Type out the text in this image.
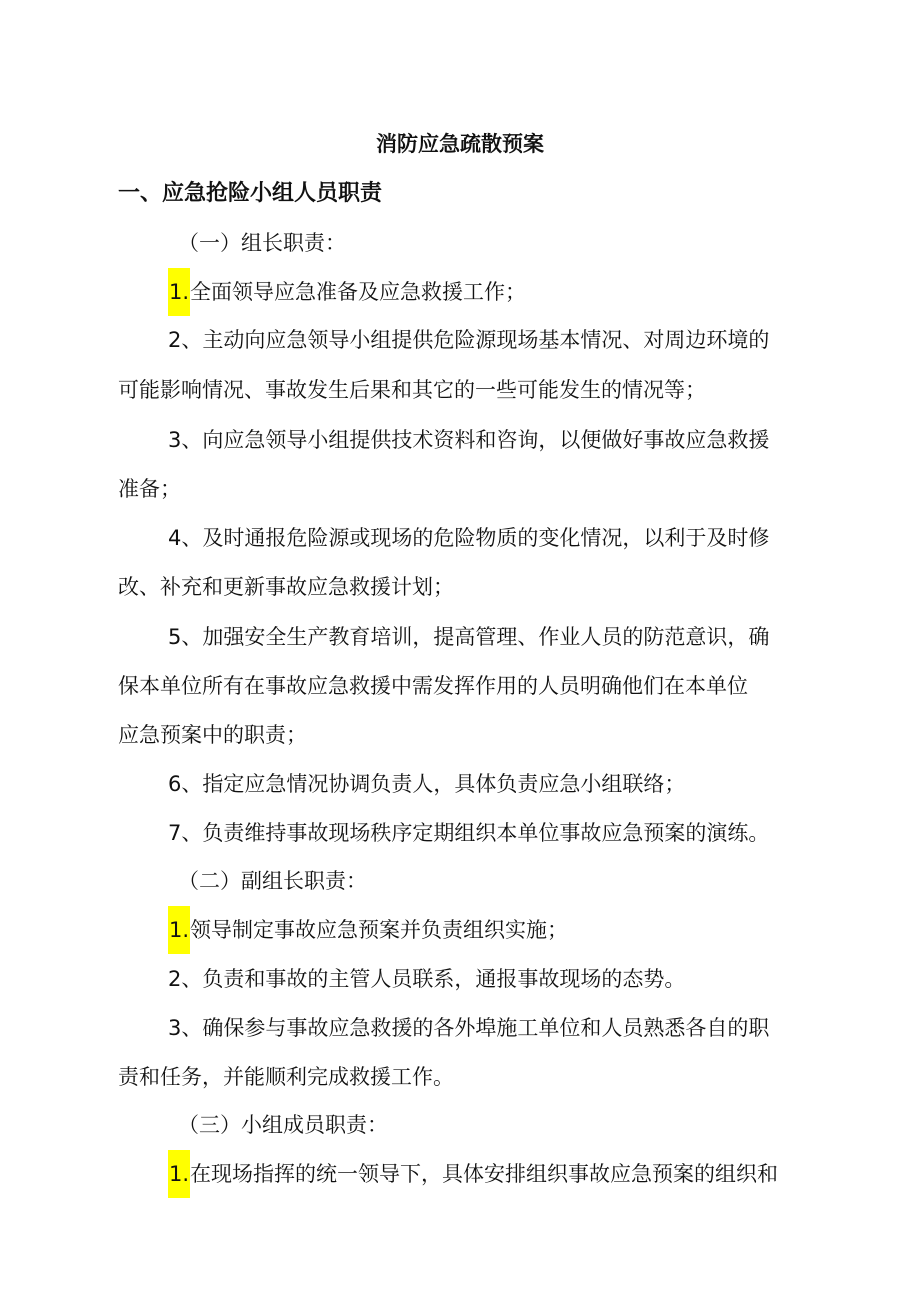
消防应急疏散预案
一、应急抢险小组人员职责
（一）组长职责：
1.全面领导应急准备及应急救援工作；
2、主动向应急领导小组提供危险源现场基本情况、对周边环境的
可能影响情况、事故发生后果和其它的一些可能发生的情况等；
3、向应急领导小组提供技术资料和咨询，以便做好事故应急救援
准备；
4、及时通报危险源或现场的危险物质的变化情况，以利于及时修
改、补充和更新事故应急救援计划；
5、加强安全生产教育培训，提高管理、作业人员的防范意识，确
保本单位所有在事故应急救援中需发挥作用的人员明确他们在本单位
应急预案中的职责；
6、指定应急情况协调负责人，具体负责应急小组联络；
7、负责维持事故现场秩序定期组织本单位事故应急预案的演练。
（二）副组长职责：
1.领导制定事故应急预案并负责组织实施；
2、负责和事故的主管人员联系，通报事故现场的态势。
3、确保参与事故应急救援的各外埠施工单位和人员熟悉各自的职
责和任务，并能顺利完成救援工作。
（三）小组成员职责：
1.在现场指挥的统一领导下，具体安排组织事故应急预案的组织和
